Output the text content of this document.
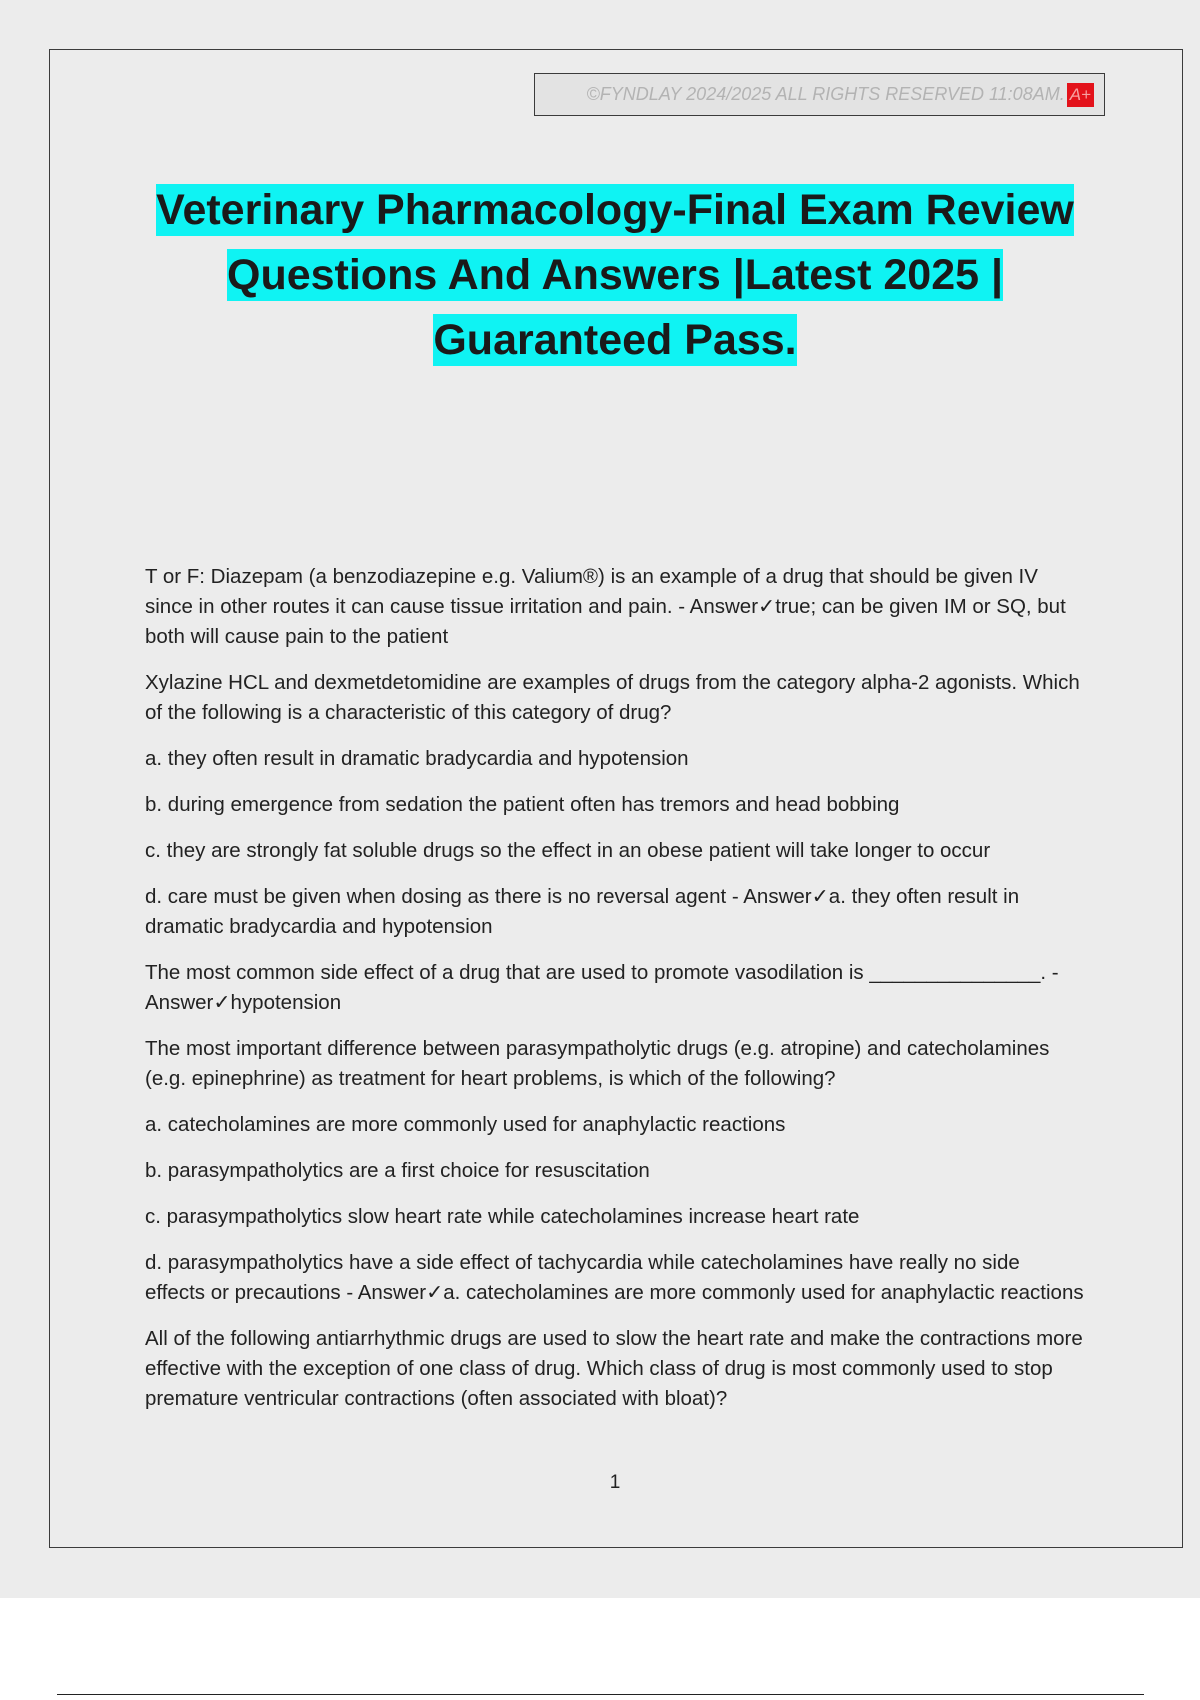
©FYNDLAY 2024/2025 ALL RIGHTS RESERVED 11:08AM. A+
Veterinary Pharmacology-Final Exam Review
Questions And Answers |Latest 2025 |
Guaranteed Pass.

T or F: Diazepam (a benzodiazepine e.g. Valium®) is an example of a drug that should be given IV since in other routes it can cause tissue irritation and pain. - Answer✓true; can be given IM or SQ, but both will cause pain to the patient

Xylazine HCL and dexmetdetomidine are examples of drugs from the category alpha-2 agonists. Which of the following is a characteristic of this category of drug?

a. they often result in dramatic bradycardia and hypotension

b. during emergence from sedation the patient often has tremors and head bobbing

c. they are strongly fat soluble drugs so the effect in an obese patient will take longer to occur

d. care must be given when dosing as there is no reversal agent - Answer✓a. they often result in dramatic bradycardia and hypotension

The most common side effect of a drug that are used to promote vasodilation is _______________. - Answer✓hypotension

The most important difference between parasympatholytic drugs (e.g. atropine) and catecholamines (e.g. epinephrine) as treatment for heart problems, is which of the following?

a. catecholamines are more commonly used for anaphylactic reactions

b. parasympatholytics are a first choice for resuscitation

c. parasympatholytics slow heart rate while catecholamines increase heart rate

d. parasympatholytics have a side effect of tachycardia while catecholamines have really no side effects or precautions - Answer✓a. catecholamines are more commonly used for anaphylactic reactions

All of the following antiarrhythmic drugs are used to slow the heart rate and make the contractions more effective with the exception of one class of drug. Which class of drug is most commonly used to stop premature ventricular contractions (often associated with bloat)?

1
